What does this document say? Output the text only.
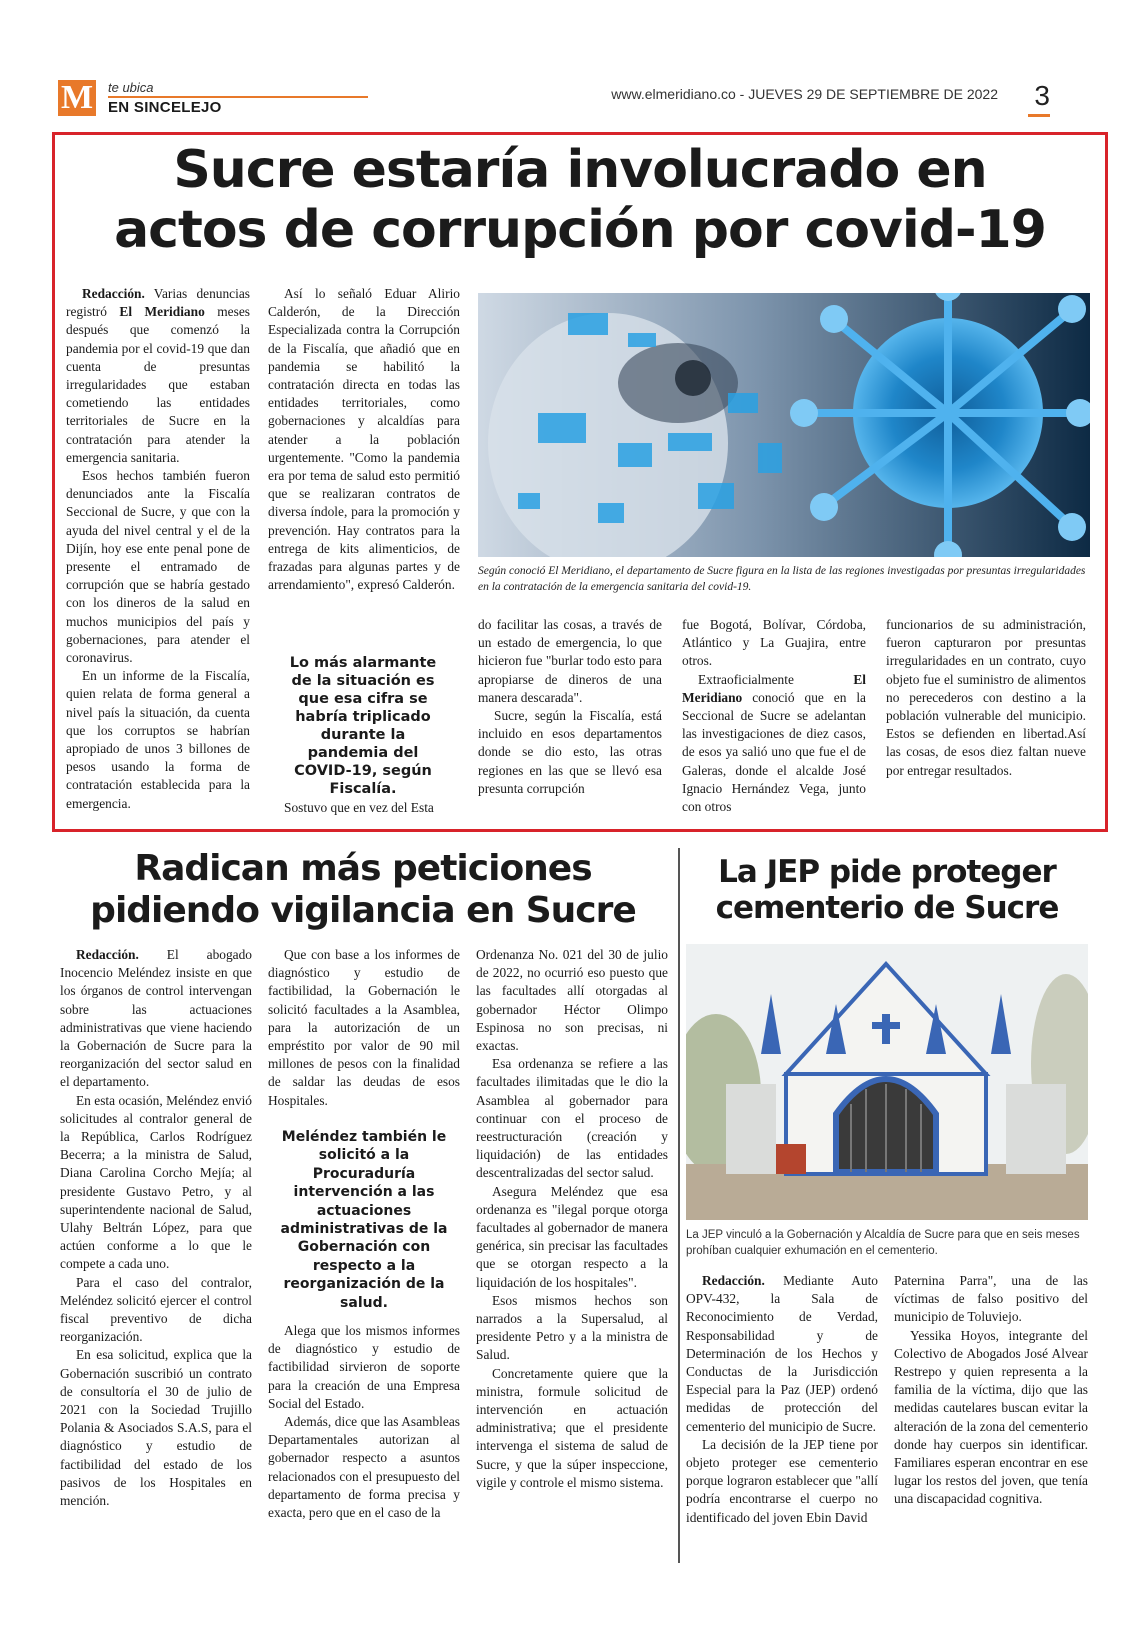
M te ubica
EN SINCELEJO
www.elmeridiano.co - JUEVES 29 DE SEPTIEMBRE DE 2022 3
Sucre estaría involucrado en
actos de corrupción por covid-19

Redacción. Varias denuncias registró El Meridiano meses después que comenzó la pandemia por el covid-19 que dan cuenta de presuntas irregularidades que estaban cometiendo las entidades territoriales de Sucre en la contratación para atender la emergencia sanitaria.

Esos hechos también fueron denunciados ante la Fiscalía Seccional de Sucre, y que con la ayuda del nivel central y el de la Dijín, hoy ese ente penal pone de presente el entramado de corrupción que se habría gestado con los dineros de la salud en muchos municipios del país y gobernaciones, para atender el coronavirus.

En un informe de la Fiscalía, quien relata de forma general a nivel país la situación, da cuenta que los corruptos se habrían apropiado de unos 3 billones de pesos usando la forma de contratación establecida para la emergencia.

Así lo señaló Eduar Alirio Calderón, de la Dirección Especializada contra la Corrupción de la Fiscalía, que añadió que en pandemia se habilitó la contratación directa en todas las entidades territoriales, como gobernaciones y alcaldías para atender a la población urgentemente. "Como la pandemia era por tema de salud esto permitió que se realizaran contratos de diversa índole, para la promoción y prevención. Hay contratos para la entrega de kits alimenticios, de frazadas para algunas partes y de arrendamiento", expresó Calderón.

Lo más alarmante de la situación es que esa cifra se habría triplicado durante la pandemia del COVID-19, según Fiscalía.

Sostuvo que en vez del Esta

Según conoció El Meridiano, el departamento de Sucre figura en la lista de las regiones investigadas por presuntas irregularidades en la contratación de la emergencia sanitaria del covid-19.

do facilitar las cosas, a través de un estado de emergencia, lo que hicieron fue "burlar todo esto para apropiarse de dineros de una manera descarada".

Sucre, según la Fiscalía, está incluido en esos departamentos donde se dio esto, las otras regiones en las que se llevó esa presunta corrupción

fue Bogotá, Bolívar, Córdoba, Atlántico y La Guajira, entre otros.

Extraoficialmente El Meridiano conoció que en la Seccional de Sucre se adelantan las investigaciones de diez casos, de esos ya salió uno que fue el de Galeras, donde el alcalde José Ignacio Hernández Vega, junto con otros

funcionarios de su administración, fueron capturaron por presuntas irregularidades en un contrato, cuyo objeto fue el suministro de alimentos no perecederos con destino a la población vulnerable del municipio. Estos se defienden en libertad.Así las cosas, de esos diez faltan nueve por entregar resultados.

Radican más peticiones
pidiendo vigilancia en Sucre

Redacción. El abogado Inocencio Meléndez insiste en que los órganos de control intervengan sobre las actuaciones administrativas que viene haciendo la Gobernación de Sucre para la reorganización del sector salud en el departamento.

En esta ocasión, Meléndez envió solicitudes al contralor general de la República, Carlos Rodríguez Becerra; a la ministra de Salud, Diana Carolina Corcho Mejía; al presidente Gustavo Petro, y al superintendente nacional de Salud, Ulahy Beltrán López, para que actúen conforme a lo que le compete a cada uno.

Para el caso del contralor, Meléndez solicitó ejercer el control fiscal preventivo de dicha reorganización.

En esa solicitud, explica que la Gobernación suscribió un contrato de consultoría el 30 de julio de 2021 con la Sociedad Trujillo Polania & Asociados S.A.S, para el diagnóstico y estudio de factibilidad del estado de los pasivos de los Hospitales en mención.

Que con base a los informes de diagnóstico y estudio de factibilidad, la Gobernación le solicitó facultades a la Asamblea, para la autorización de un empréstito por valor de 90 mil millones de pesos con la finalidad de saldar las deudas de esos Hospitales.

Meléndez también le solicitó a la Procuraduría intervención a las actuaciones administrativas de la Gobernación con respecto a la reorganización de la salud.

Alega que los mismos informes de diagnóstico y estudio de factibilidad sirvieron de soporte para la creación de una Empresa Social del Estado.

Además, dice que las Asambleas Departamentales autorizan al gobernador respecto a asuntos relacionados con el presupuesto del departamento de forma precisa y exacta, pero que en el caso de la

Ordenanza No. 021 del 30 de julio de 2022, no ocurrió eso puesto que las facultades allí otorgadas al gobernador Héctor Olimpo Espinosa no son precisas, ni exactas.

Esa ordenanza se refiere a las facultades ilimitadas que le dio la Asamblea al gobernador para continuar con el proceso de reestructuración (creación y liquidación) de las entidades descentralizadas del sector salud.

Asegura Meléndez que esa ordenanza es "ilegal porque otorga facultades al gobernador de manera genérica, sin precisar las facultades que se otorgan respecto a la liquidación de los hospitales".

Esos mismos hechos son narrados a la Supersalud, al presidente Petro y a la ministra de Salud.

Concretamente quiere que la ministra, formule solicitud de intervención en actuación administrativa; que el presidente intervenga el sistema de salud de Sucre, y que la súper inspeccione, vigile y controle el mismo sistema.

La JEP pide proteger
cementerio de Sucre
La JEP vinculó a la Gobernación y Alcaldía de Sucre para que en seis meses prohíban cualquier exhumación en el cementerio.

Redacción. Mediante Auto OPV-432, la Sala de Reconocimiento de Verdad, Responsabilidad y de Determinación de los Hechos y Conductas de la Jurisdicción Especial para la Paz (JEP) ordenó medidas de protección del cementerio del municipio de Sucre.

La decisión de la JEP tiene por objeto proteger ese cementerio porque lograron establecer que "allí podría encontrarse el cuerpo no identificado del joven Ebin David

Paternina Parra", una de las víctimas de falso positivo del municipio de Toluviejo.

Yessika Hoyos, integrante del Colectivo de Abogados José Alvear Restrepo y quien representa a la familia de la víctima, dijo que las medidas cautelares buscan evitar la alteración de la zona del cementerio donde hay cuerpos sin identificar. Familiares esperan encontrar en ese lugar los restos del joven, que tenía una discapacidad cognitiva.
